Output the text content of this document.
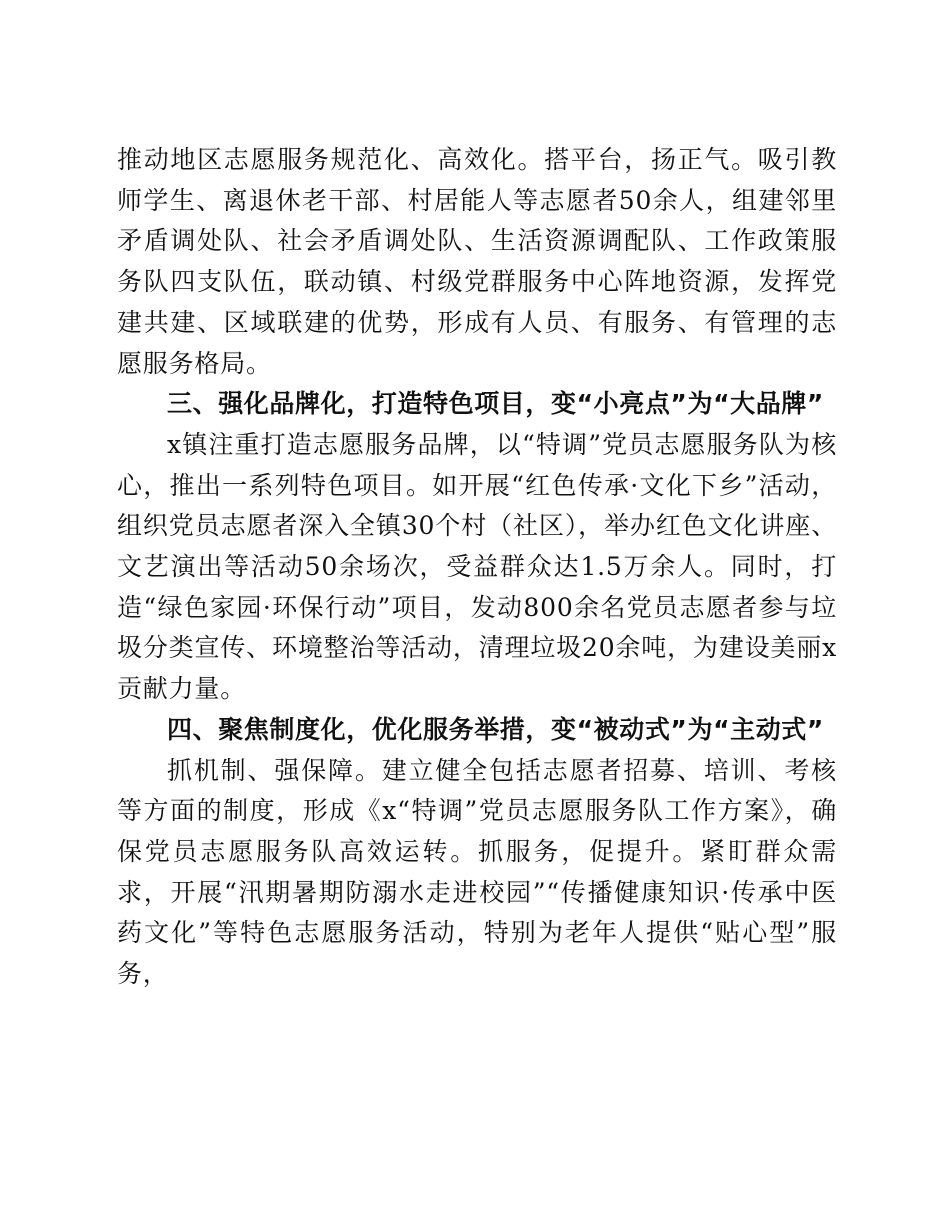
推动地区志愿服务规范化、高效化。搭平台，扬正气。吸引教师学生、离退休老干部、村居能人等志愿者50余人，组建邻里矛盾调处队、社会矛盾调处队、生活资源调配队、工作政策服务队四支队伍，联动镇、村级党群服务中心阵地资源，发挥党建共建、区域联建的优势，形成有人员、有服务、有管理的志愿服务格局。

三、强化品牌化，打造特色项目，变“小亮点”为“大品牌”

x镇注重打造志愿服务品牌，以“特调”党员志愿服务队为核心，推出一系列特色项目。如开展“红色传承·文化下乡”活动，组织党员志愿者深入全镇30个村（社区），举办红色文化讲座、文艺演出等活动50余场次，受益群众达1.5万余人。同时，打造“绿色家园·环保行动”项目，发动800余名党员志愿者参与垃圾分类宣传、环境整治等活动，清理垃圾20余吨，为建设美丽x贡献力量。

四、聚焦制度化，优化服务举措，变“被动式”为“主动式”

抓机制、强保障。建立健全包括志愿者招募、培训、考核等方面的制度，形成《x“特调”党员志愿服务队工作方案》，确保党员志愿服务队高效运转。抓服务，促提升。紧盯群众需求，开展“汛期暑期防溺水走进校园”“传播健康知识·传承中医药文化”等特色志愿服务活动，特别为老年人提供“贴心型”服务，
